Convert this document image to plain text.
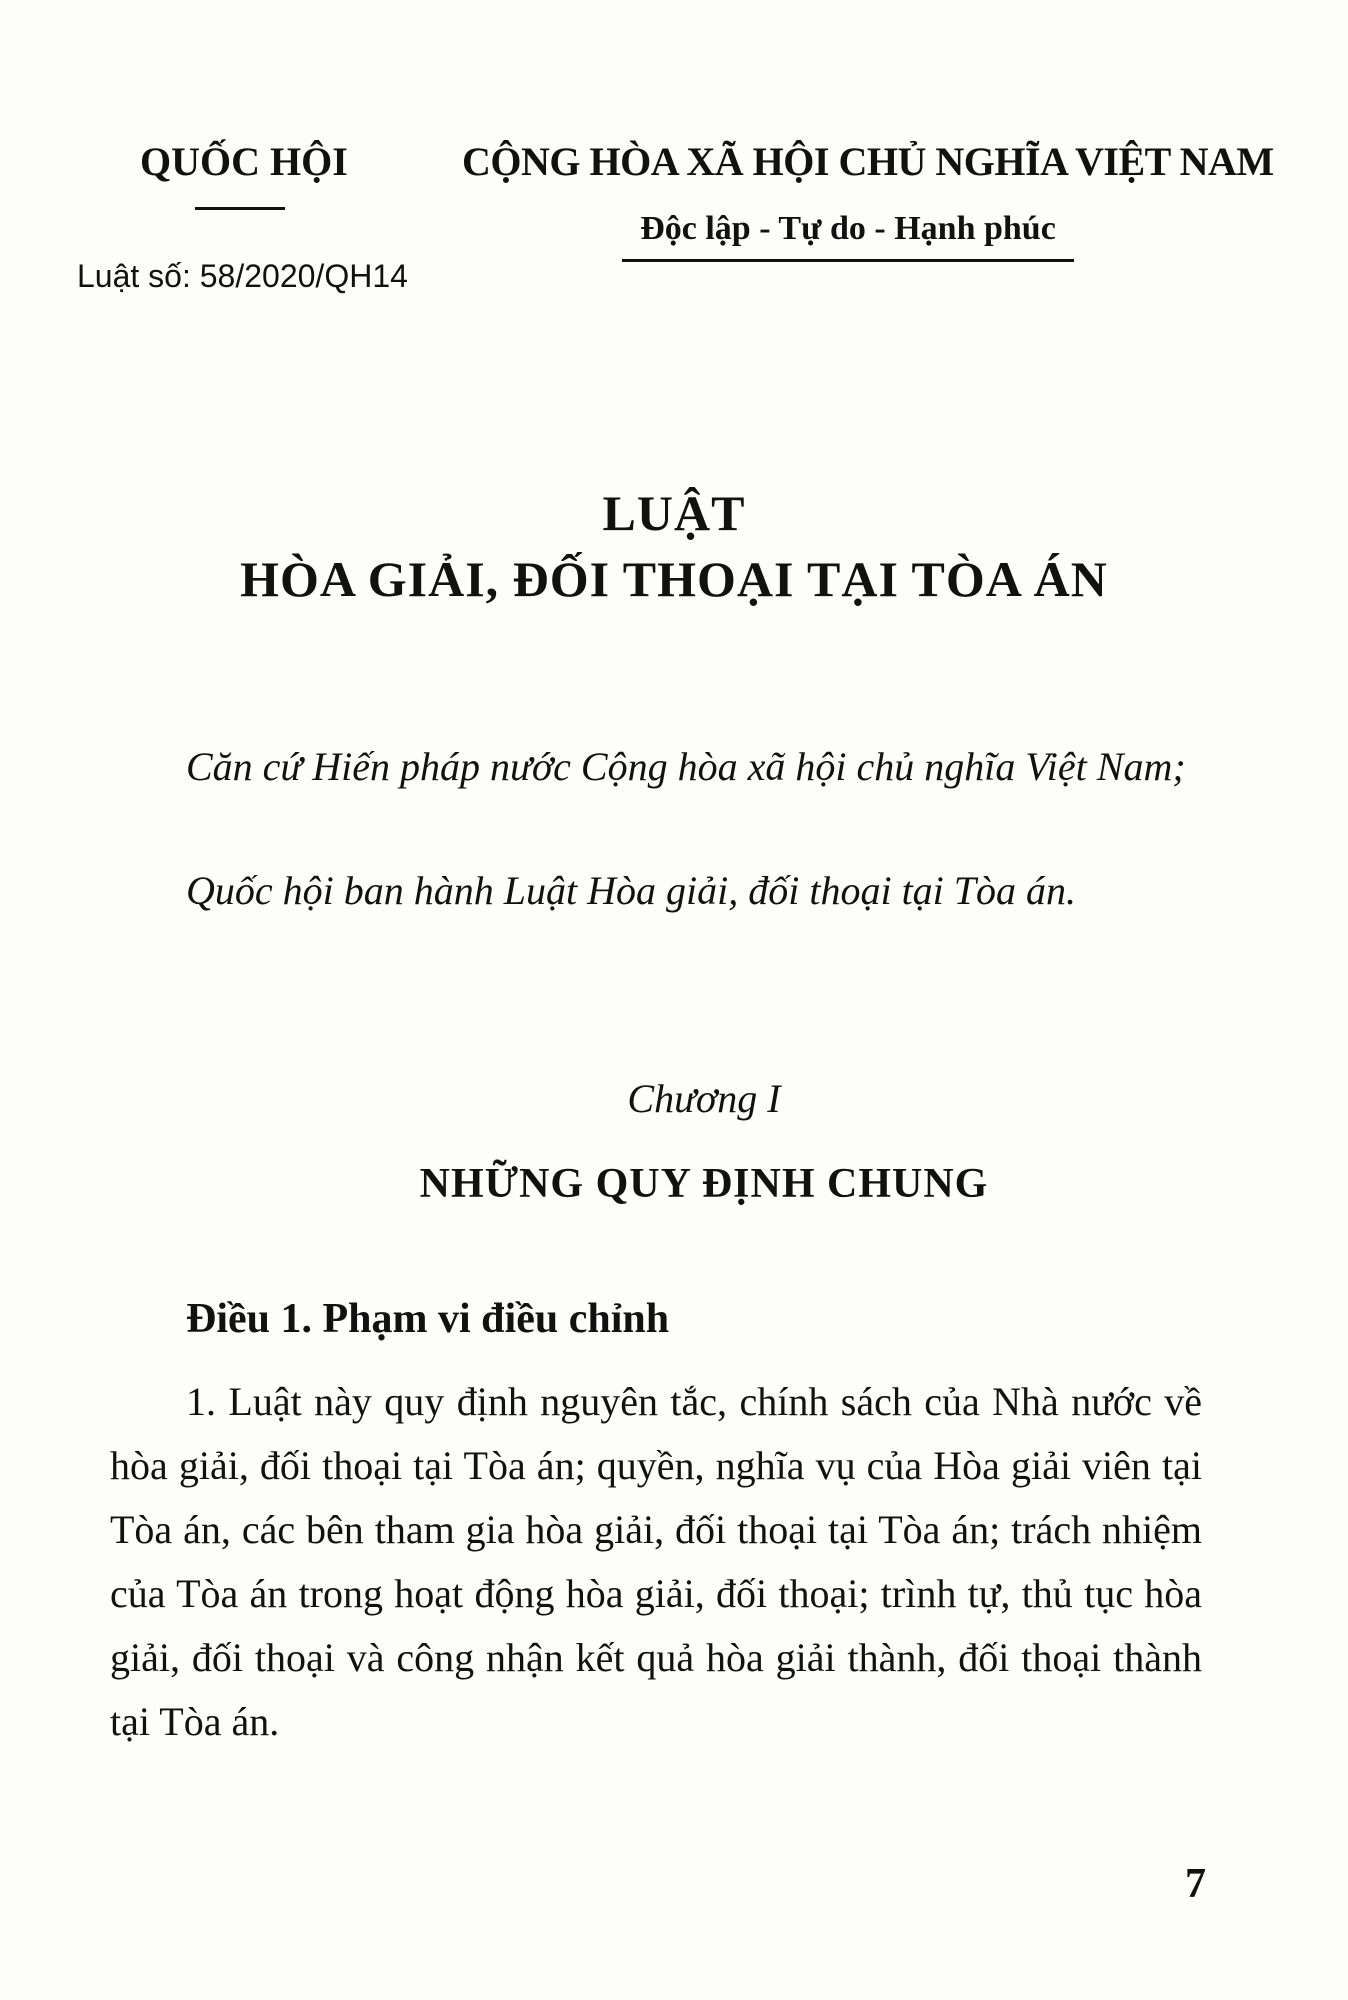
QUỐC HỘI
Luật số: 58/2020/QH14
CỘNG HÒA XÃ HỘI CHỦ NGHĨA VIỆT NAM
Độc lập - Tự do - Hạnh phúc
LUẬT
HÒA GIẢI, ĐỐI THOẠI TẠI TÒA ÁN
Căn cứ Hiến pháp nước Cộng hòa xã hội chủ nghĩa Việt Nam;
Quốc hội ban hành Luật Hòa giải, đối thoại tại Tòa án.
Chương I
NHỮNG QUY ĐỊNH CHUNG
Điều 1. Phạm vi điều chỉnh
1. Luật này quy định nguyên tắc, chính sách của Nhà nước về hòa giải, đối thoại tại Tòa án; quyền, nghĩa vụ của Hòa giải viên tại Tòa án, các bên tham gia hòa giải, đối thoại tại Tòa án; trách nhiệm của Tòa án trong hoạt động hòa giải, đối thoại; trình tự, thủ tục hòa giải, đối thoại và công nhận kết quả hòa giải thành, đối thoại thành tại Tòa án.
7
